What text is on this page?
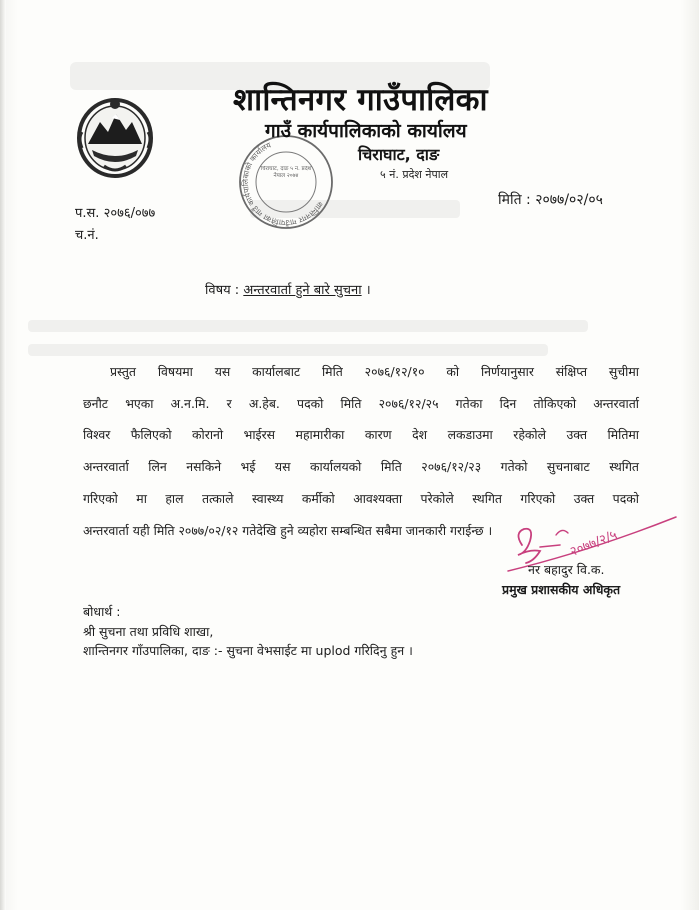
शान्तिनगर गाउँपालिका गाउँ कार्यपालिकाको कार्यालय
चिराघाट, दाङ ५ नं. प्रदेश नेपाल २०७४
शान्तिनगर गाउँपालिका
गाउँ कार्यपालिकाको कार्यालय
चिराघाट, दाङ
५ नं. प्रदेश नेपाल
मिति : २०७७/०२/०५
प.स. २०७६/०७७
च.नं.
विषय : अन्तरवार्ता हुने बारे सुचना ।
प्रस्तुत विषयमा यस कार्यालबाट मिति २०७६/१२/१० को निर्णयानुसार संक्षिप्त सुचीमा
छनौट भएका अ.न.मि. र अ.हेब. पदको मिति २०७६/१२/२५ गतेका दिन तोकिएको अन्तरवार्ता
विश्वर फैलिएको कोरानो भाईरस महामारीका कारण देश लकडाउमा रहेकोले उक्त मितिमा
अन्तरवार्ता लिन नसकिने भई यस कार्यालयको मिति २०७६/१२/२३ गतेको सुचनाबाट स्थगित
गरिएको मा हाल तत्काले स्वास्थ्य कर्मीको आवश्यक्ता परेकोले स्थगित गरिएको उक्त पदको
अन्तरवार्ता यही मिति २०७७/०२/१२ गतेदेखि हुने व्यहोरा सम्बन्धित सबैमा जानकारी गराईन्छ ।	२०७७/२/५
नर बहादुर वि.क.
प्रमुख प्रशासकीय अधिकृत
बोधार्थ :
श्री सुचना तथा प्रविधि शाखा,
शान्तिनगर गाँउपालिका, दाङ :- सुचना वेभसाईट मा uplod गरिदिनु हुन ।
